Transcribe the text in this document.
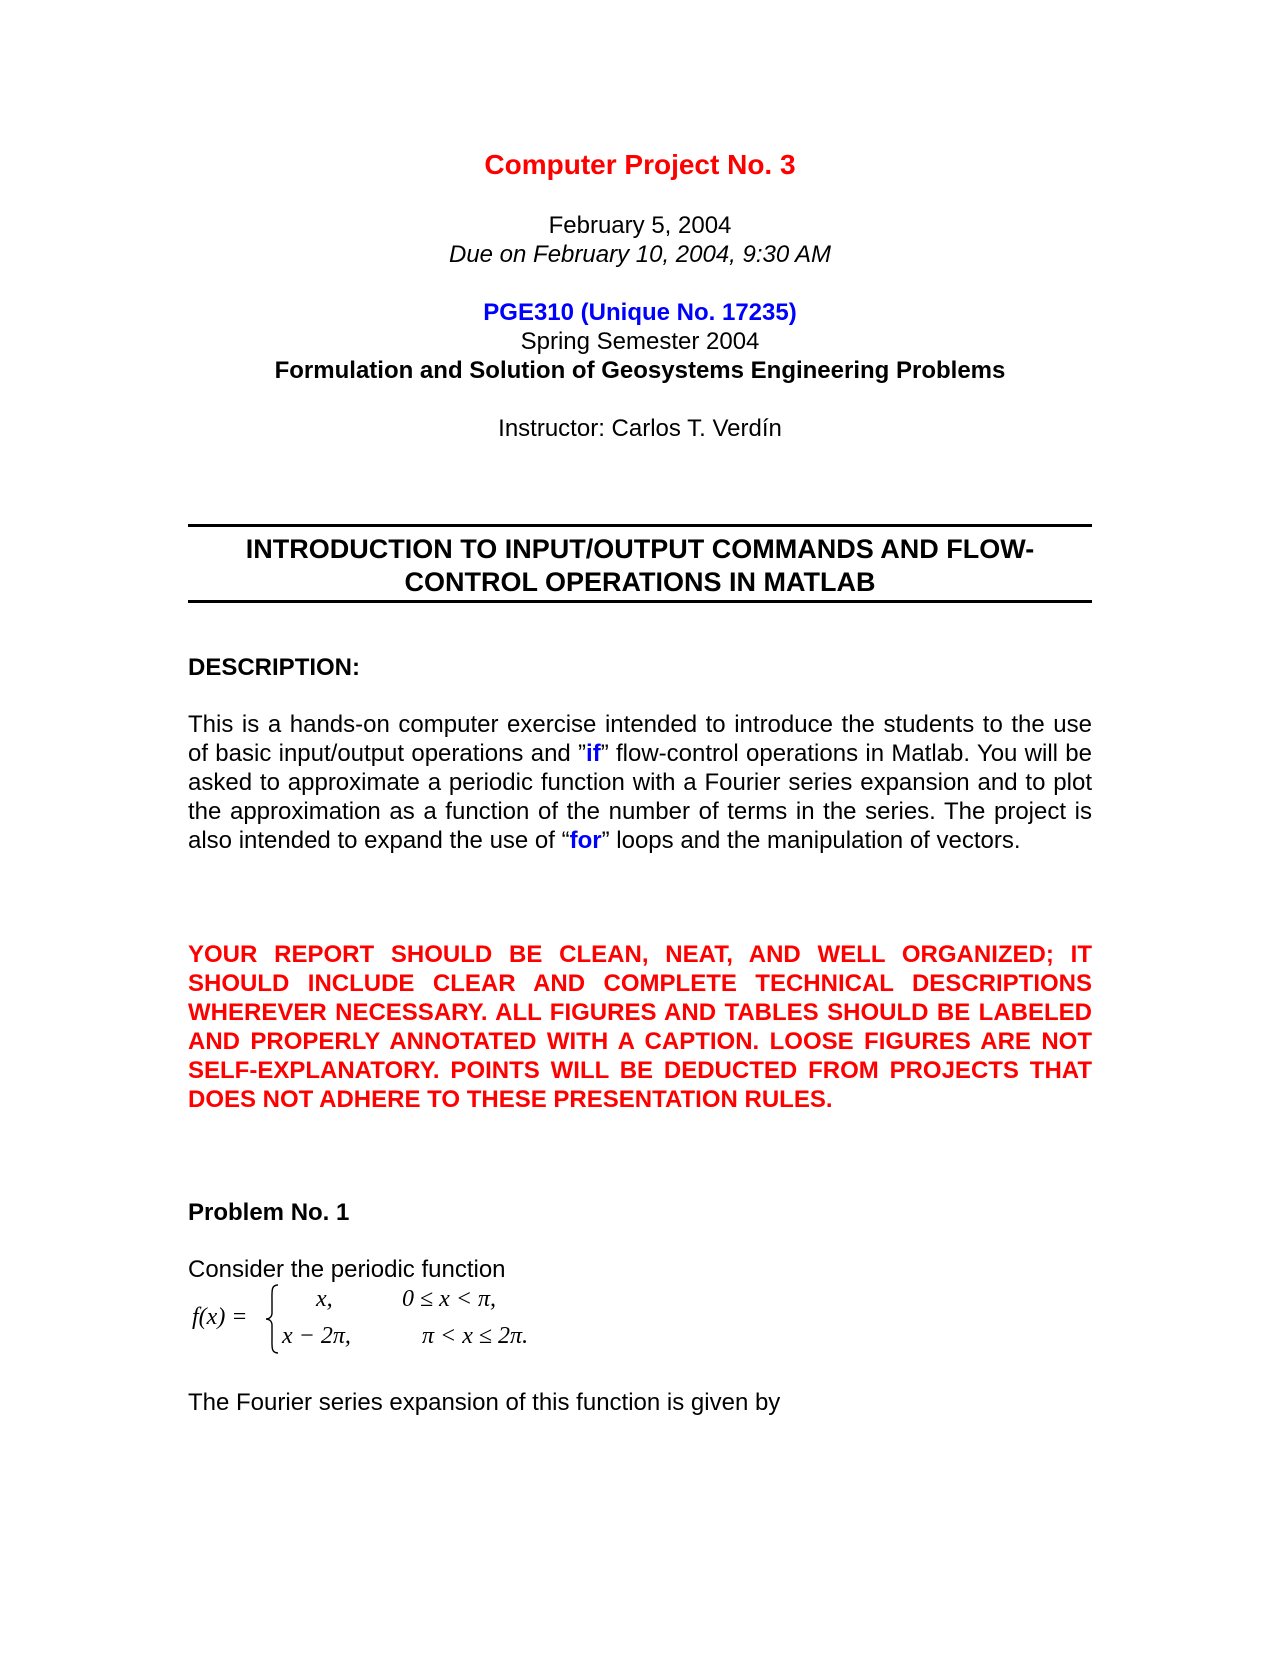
Computer Project No. 3
February 5, 2004
Due on February 10, 2004, 9:30 AM
PGE310 (Unique No. 17235)
Spring Semester 2004
Formulation and Solution of Geosystems Engineering Problems
Instructor: Carlos T. Verdín
INTRODUCTION TO INPUT/OUTPUT COMMANDS AND FLOW-
CONTROL OPERATIONS IN MATLAB
DESCRIPTION:
This is a hands-on computer exercise intended to introduce the students to the use of basic input/output operations and ”if” flow-control operations in Matlab. You will be asked to approximate a periodic function with a Fourier series expansion and to plot the approximation as a function of the number of terms in the series. The project is also intended to expand the use of “for” loops and the manipulation of vectors.
YOUR REPORT SHOULD BE CLEAN, NEAT, AND WELL ORGANIZED; IT SHOULD INCLUDE CLEAR AND COMPLETE TECHNICAL DESCRIPTIONS WHEREVER NECESSARY. ALL FIGURES AND TABLES SHOULD BE LABELED AND PROPERLY ANNOTATED WITH A CAPTION. LOOSE FIGURES ARE NOT SELF-EXPLANATORY. POINTS WILL BE DEDUCTED FROM PROJECTS THAT DOES NOT ADHERE TO THESE PRESENTATION RULES.
Problem No. 1
Consider the periodic function
f(x) =
x,	0 ≤ x < π,
x − 2π,	π < x ≤ 2π.
The Fourier series expansion of this function is given by
